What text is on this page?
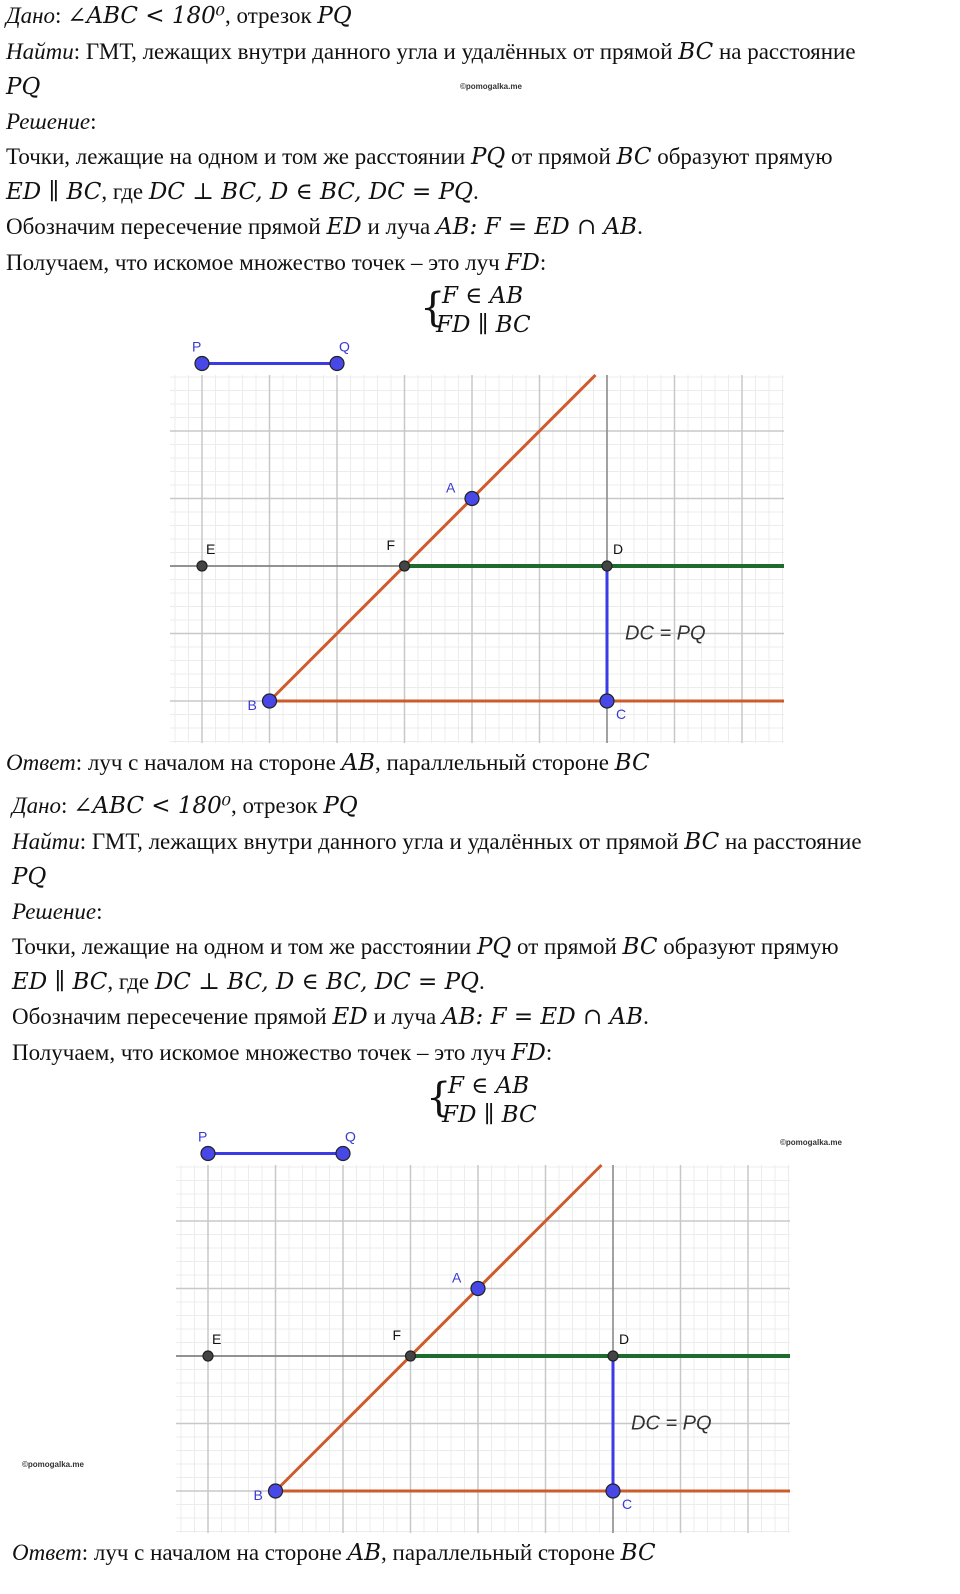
Дано: ∠ABC < 180⁰, отрезок PQ
Найти: ГМТ, лежащих внутри данного угла и удалённых от прямой BC на расстояние
PQ	©pomogalka.me
Решение:
Точки, лежащие на одном и том же расстоянии PQ от прямой BC образуют прямую
ED ∥ BC, где DC ⊥ BC, D ∈ BC, DC = PQ.
Обозначим пересечение прямой ED и луча AB: F = ED ∩ AB.
Получаем, что искомое множество точек – это луч FD:
{
F ∈ AB
FD ∥ BC
P	Q
A
E	F	D
B
C
DC = PQ
Ответ: луч с началом на стороне AB, параллельный стороне BC
Дано: ∠ABC < 180⁰, отрезок PQ
Найти: ГМТ, лежащих внутри данного угла и удалённых от прямой BC на расстояние
PQ
Решение:
Точки, лежащие на одном и том же расстоянии PQ от прямой BC образуют прямую
ED ∥ BC, где DC ⊥ BC, D ∈ BC, DC = PQ.
Обозначим пересечение прямой ED и луча AB: F = ED ∩ AB.
Получаем, что искомое множество точек – это луч FD:
{
F ∈ AB
FD ∥ BC
©pomogalka.me
P	Q
A
E	F	D
B
C
DC = PQ
©pomogalka.me
Ответ: луч с началом на стороне AB, параллельный стороне BC
